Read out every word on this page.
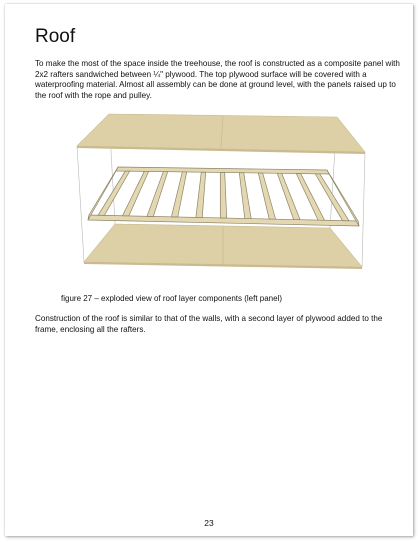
Roof

To make the most of the space inside the treehouse, the roof is constructed as a composite panel with 2x2 rafters sandwiched between ¼" plywood. The top plywood surface will be covered with a waterproofing material. Almost all assembly can be done at ground level, with the panels raised up to the roof with the rope and pulley.

figure 27 – exploded view of roof layer components (left panel)

Construction of the roof is similar to that of the walls, with a second layer of plywood added to the frame, enclosing all the rafters.

23
